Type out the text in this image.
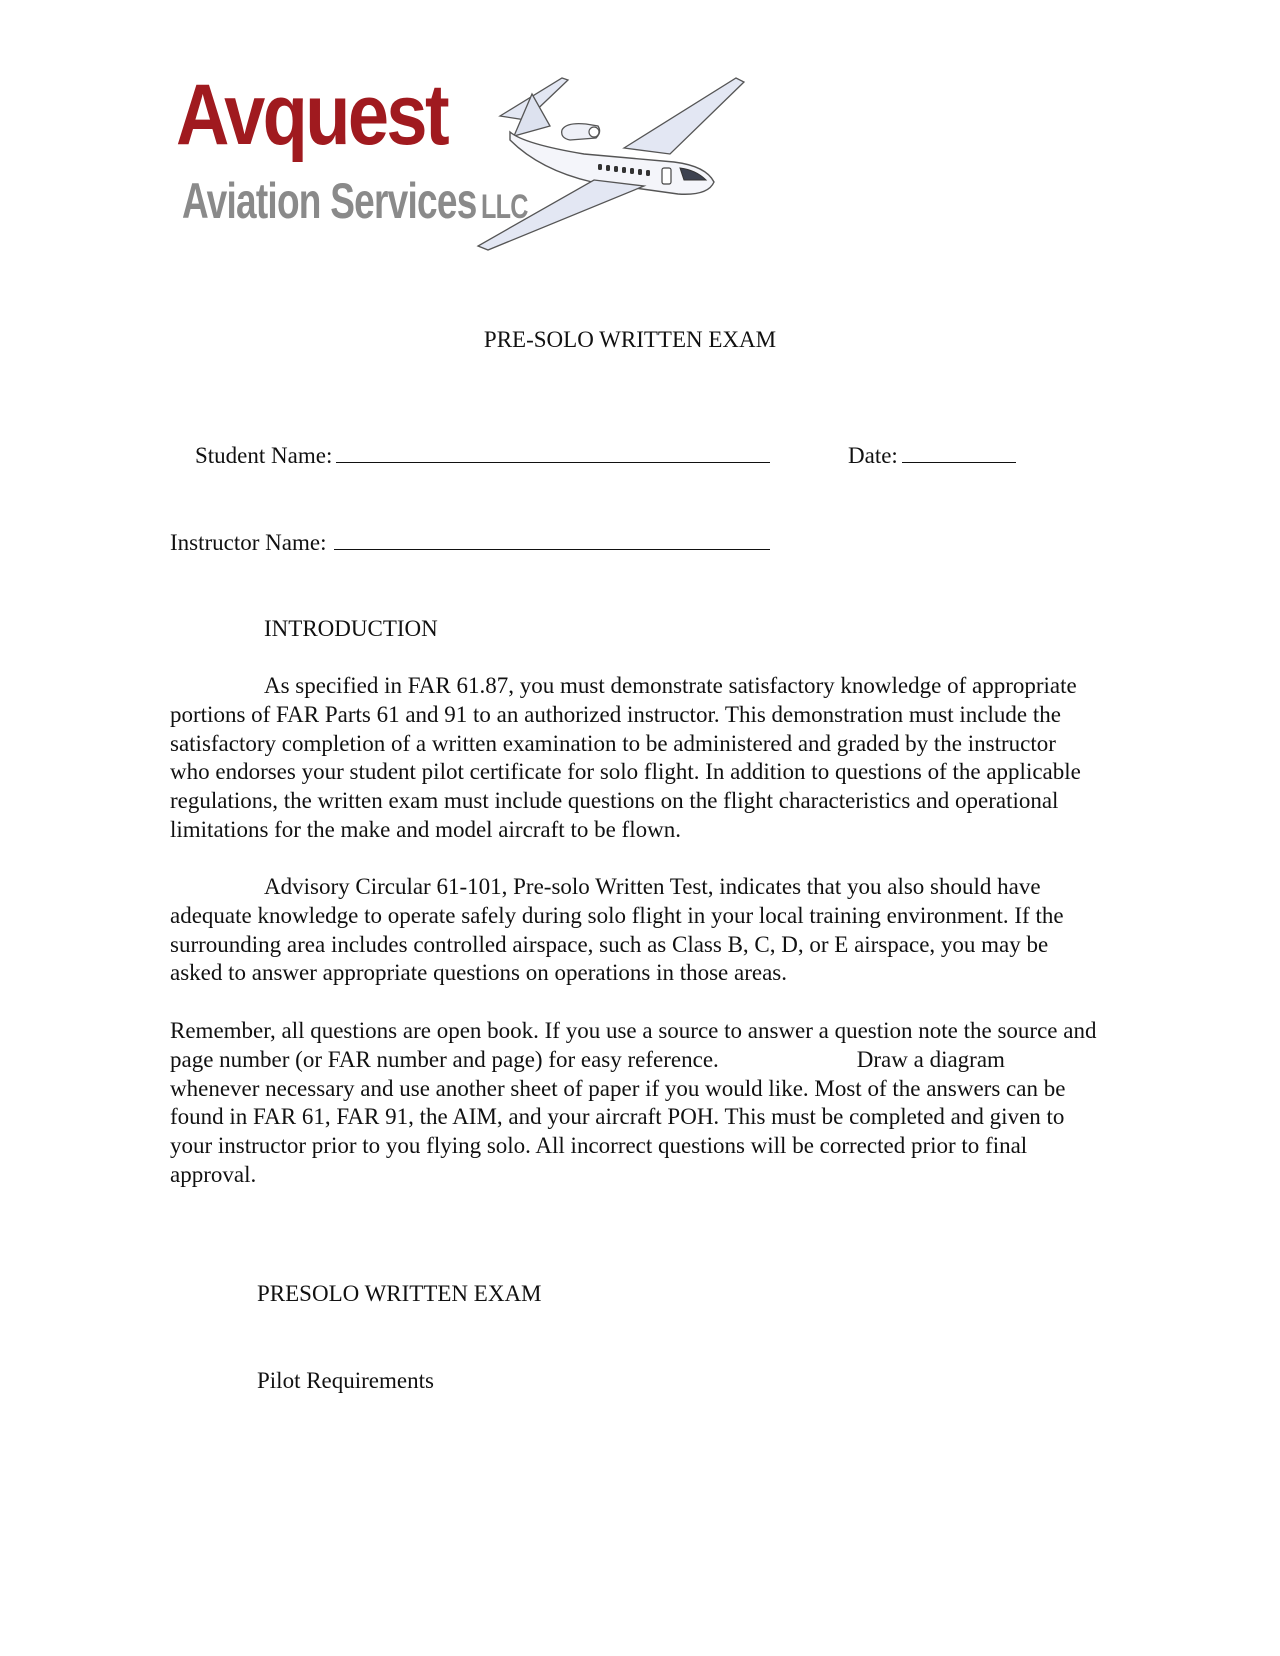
Avquest
Aviation Services LLC
PRE-SOLO WRITTEN EXAM
Student Name:	Date:
Instructor Name:
INTRODUCTION

As specified in FAR 61.87, you must demonstrate satisfactory knowledge of appropriate portions of FAR Parts 61 and 91 to an authorized instructor. This demonstration must include the satisfactory completion of a written examination to be administered and graded by the instructor who endorses your student pilot certificate for solo flight. In addition to questions of the applicable regulations, the written exam must include questions on the flight characteristics and operational limitations for the make and model aircraft to be flown.

Advisory Circular 61-101, Pre-solo Written Test, indicates that you also should have adequate knowledge to operate safely during solo flight in your local training environment. If the surrounding area includes controlled airspace, such as Class B, C, D, or E airspace, you may be asked to answer appropriate questions on operations in those areas.

Remember, all questions are open book. If you use a source to answer a question note the source and page number (or FAR number and page) for easy reference.	Draw a diagram whenever necessary and use another sheet of paper if you would like. Most of the answers can be found in FAR 61, FAR 91, the AIM, and your aircraft POH. This must be completed and given to your instructor prior to you flying solo. All incorrect questions will be corrected prior to final approval.

PRESOLO WRITTEN EXAM
Pilot Requirements
